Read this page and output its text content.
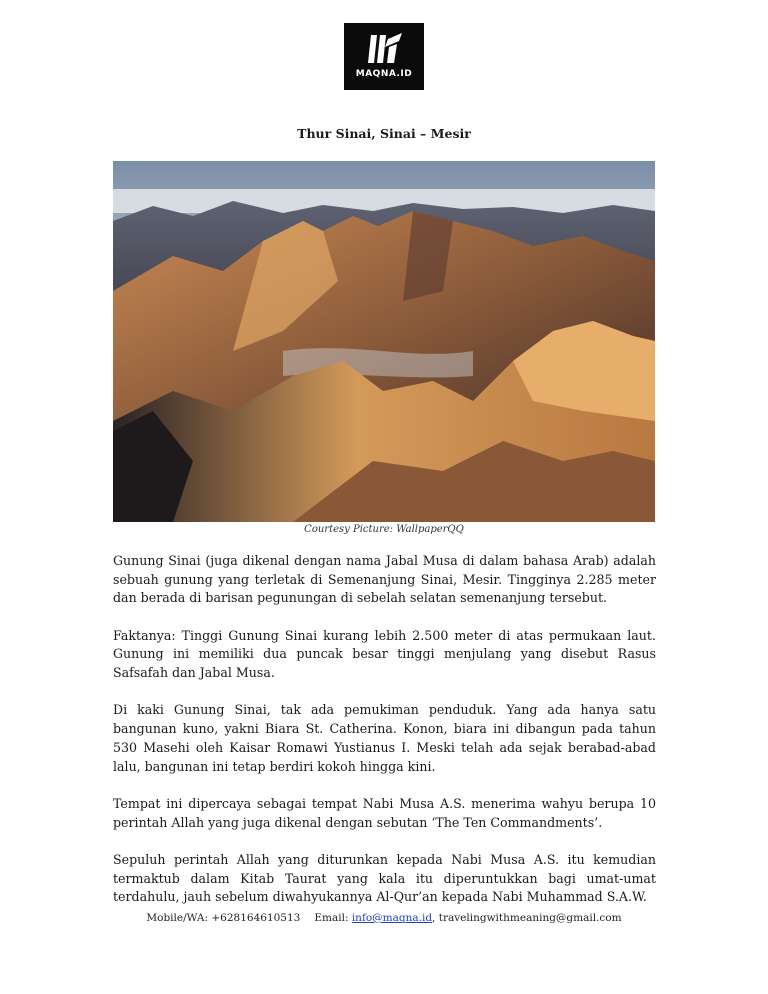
MAQNA.ID
Thur Sinai, Sinai – Mesir
Courtesy Picture: WallpaperQQ

Gunung Sinai (juga dikenal dengan nama Jabal Musa di dalam bahasa Arab) adalah sebuah gunung yang terletak di Semenanjung Sinai, Mesir. Tingginya 2.285 meter dan berada di barisan pegunungan di sebelah selatan semenanjung tersebut.

Faktanya: Tinggi Gunung Sinai kurang lebih 2.500 meter di atas permukaan laut. Gunung ini memiliki dua puncak besar tinggi menjulang yang disebut Rasus Safsafah dan Jabal Musa.

Di kaki Gunung Sinai, tak ada pemukiman penduduk. Yang ada hanya satu bangunan kuno, yakni Biara St. Catherina. Konon, biara ini dibangun pada tahun 530 Masehi oleh Kaisar Romawi Yustianus I. Meski telah ada sejak berabad-abad lalu, bangunan ini tetap berdiri kokoh hingga kini.

Tempat ini dipercaya sebagai tempat Nabi Musa A.S. menerima wahyu berupa 10 perintah Allah yang juga dikenal dengan sebutan ‘The Ten Commandments’.

Sepuluh perintah Allah yang diturunkan kepada Nabi Musa A.S. itu kemudian termaktub dalam Kitab Taurat yang kala itu diperuntukkan bagi umat-umat terdahulu, jauh sebelum diwahyukannya Al-Qur’an kepada Nabi Muhammad S.A.W.

Mobile/WA: +628164610513 Email: info@maqna.id, travelingwithmeaning@gmail.com
